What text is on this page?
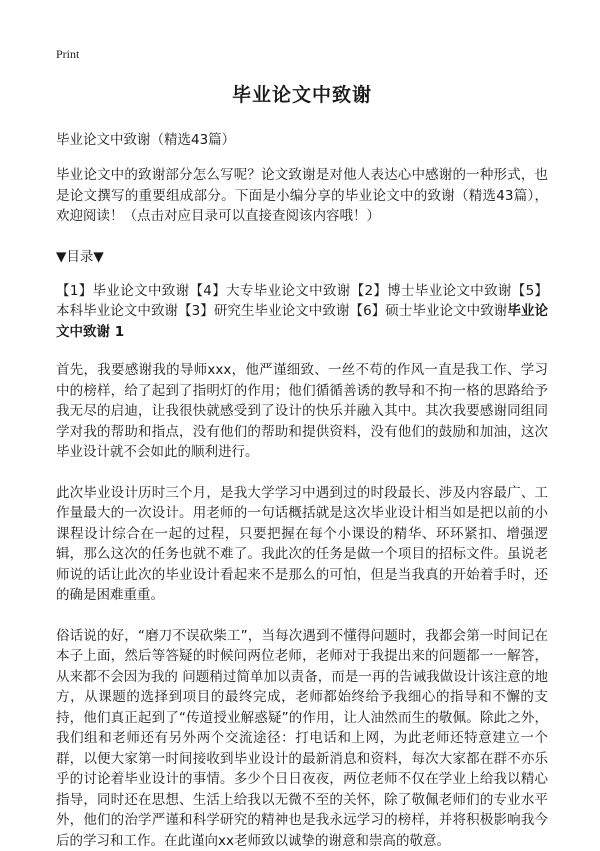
Print
毕业论文中致谢

毕业论文中致谢（精选43篇）

毕业论文中的致谢部分怎么写呢？论文致谢是对他人表达心中感谢的一种形式，也是论文撰写的重要组成部分。下面是小编分享的毕业论文中的致谢（精选43篇），欢迎阅读！（点击对应目录可以直接查阅该内容哦！）

▼目录▼

【1】毕业论文中致谢【4】大专毕业论文中致谢【2】博士毕业论文中致谢【5】本科毕业论文中致谢【3】研究生毕业论文中致谢【6】硕士毕业论文中致谢毕业论文中致谢 1

首先，我要感谢我的导师xxx，他严谨细致、一丝不苟的作风一直是我工作、学习中的榜样，给了起到了指明灯的作用；他们循循善诱的教导和不拘一格的思路给予我无尽的启迪，让我很快就感受到了设计的快乐并融入其中。其次我要感谢同组同学对我的帮助和指点，没有他们的帮助和提供资料，没有他们的鼓励和加油，这次毕业设计就不会如此的顺利进行。

此次毕业设计历时三个月，是我大学学习中遇到过的时段最长、涉及内容最广、工作量最大的一次设计。用老师的一句话概括就是这次毕业设计相当如是把以前的小课程设计综合在一起的过程，只要把握在每个小课设的精华、环环紧扣、增强逻辑，那么这次的任务也就不难了。我此次的任务是做一个项目的招标文件。虽说老师说的话让此次的毕业设计看起来不是那么的可怕，但是当我真的开始着手时，还的确是困难重重。

俗话说的好，“磨刀不误砍柴工”，当每次遇到不懂得问题时，我都会第一时间记在本子上面，然后等答疑的时候问两位老师，老师对于我提出来的问题都一一解答，从来都不会因为我的 问题稍过简单加以责备，而是一再的告诫我做设计该注意的地方，从课题的选择到项目的最终完成，老师都始终给予我细心的指导和不懈的支持，他们真正起到了“传道授业解惑疑”的作用，让人油然而生的敬佩。除此之外，我们组和老师还有另外两个交流途径：打电话和上网，为此老师还特意建立一个群，以便大家第一时间接收到毕业设计的最新消息和资料，每次大家都在群不亦乐乎的讨论着毕业设计的事情。多少个日日夜夜，两位老师不仅在学业上给我以精心指导，同时还在思想、生活上给我以无微不至的关怀，除了敬佩老师们的专业水平外，他们的治学严谨和科学研究的精神也是我永远学习的榜样，并将积极影响我今后的学习和工作。在此谨向xx老师致以诚挚的谢意和崇高的敬意。
